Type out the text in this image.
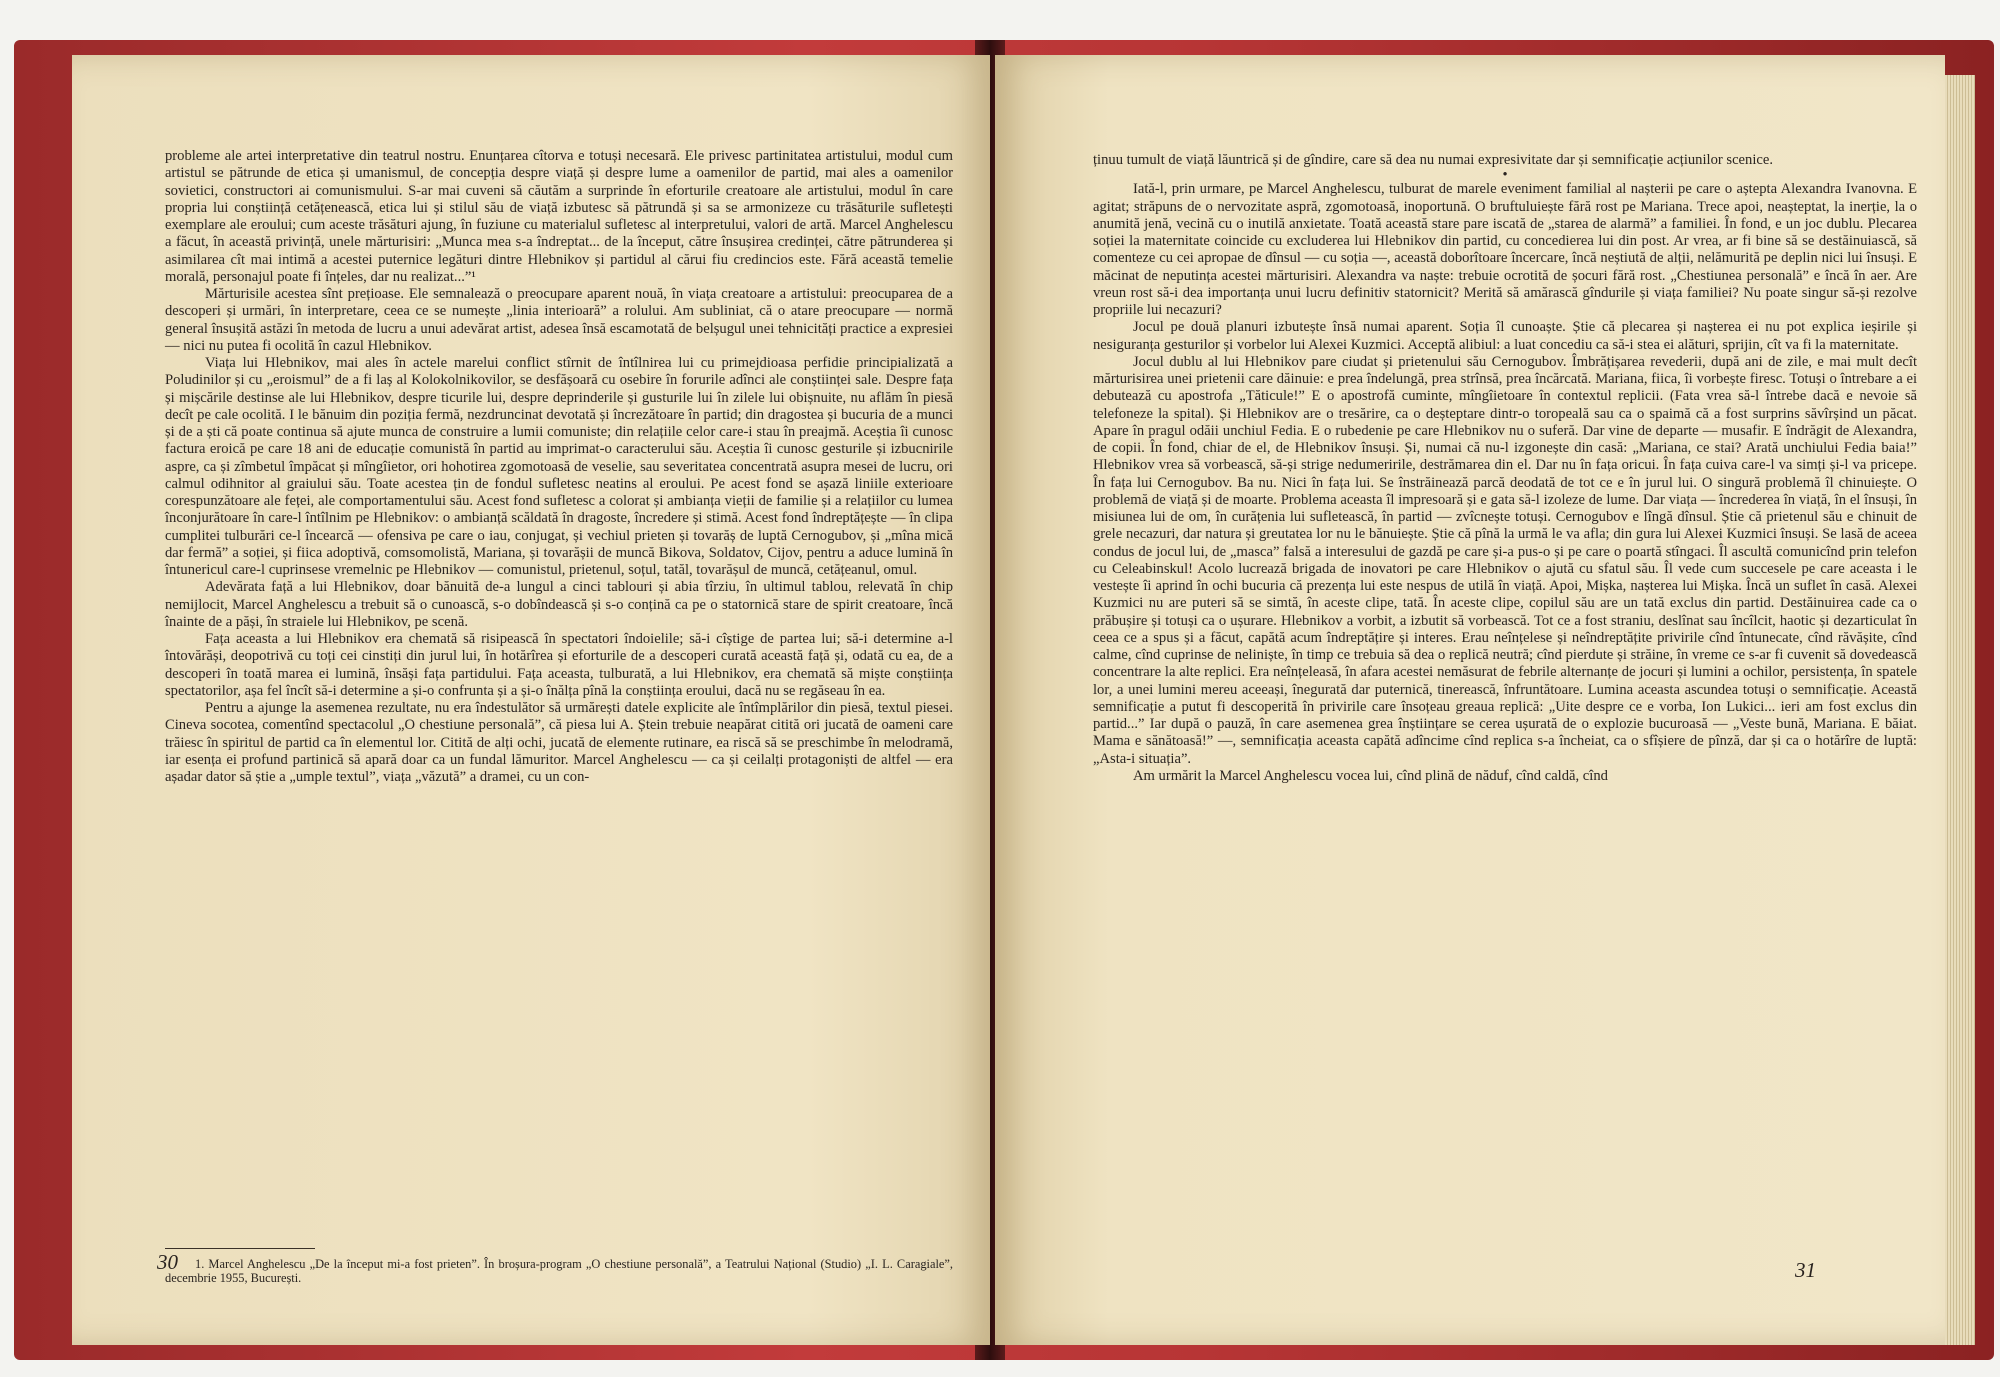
probleme ale artei interpretative din teatrul nostru. Enunțarea cîtorva e totuși necesară. Ele privesc partinitatea artistului, modul cum artistul se pătrunde de etica și umanismul, de concepția despre viață și despre lume a oamenilor de partid, mai ales a oamenilor sovietici, constructori ai comunismului. S-ar mai cuveni să căutăm a surprinde în eforturile creatoare ale artistului, modul în care propria lui conștiință cetățenească, etica lui și stilul său de viață izbutesc să pătrundă și sa se armonizeze cu trăsăturile sufletești exemplare ale eroului; cum aceste trăsături ajung, în fuziune cu materialul sufletesc al interpretului, valori de artă. Marcel Anghelescu a făcut, în această privință, unele mărturisiri: „Munca mea s-a îndreptat... de la început, către însușirea credinței, către pătrunderea și asimilarea cît mai intimă a acestei puternice legături dintre Hlebnikov și partidul al cărui fiu credincios este. Fără această temelie morală, personajul poate fi înțeles, dar nu realizat...”¹

Mărturisile acestea sînt prețioase. Ele semnalează o preocupare aparent nouă, în viața creatoare a artistului: preocuparea de a descoperi și urmări, în interpretare, ceea ce se numește „linia interioară” a rolului. Am subliniat, că o atare preocupare — normă general însușită astăzi în metoda de lucru a unui adevărat artist, adesea însă escamotată de belșugul unei tehnicități practice a expresiei — nici nu putea fi ocolită în cazul Hlebnikov.

Viața lui Hlebnikov, mai ales în actele marelui conflict stîrnit de întîlnirea lui cu primejdioasa perfidie principializată a Poludinilor și cu „eroismul” de a fi laș al Kolokolnikovilor, se desfășoară cu osebire în forurile adînci ale conștiinței sale. Despre fața și mișcările destinse ale lui Hlebnikov, despre ticurile lui, despre deprinderile și gusturile lui în zilele lui obișnuite, nu aflăm în piesă decît pe cale ocolită. I le bănuim din poziția fermă, nezdruncinat devotată și încrezătoare în partid; din dragostea și bucuria de a munci și de a ști că poate continua să ajute munca de construire a lumii comuniste; din relațiile celor care-i stau în preajmă. Aceștia îi cunosc factura eroică pe care 18 ani de educație comunistă în partid au imprimat-o caracterului său. Aceștia îi cunosc gesturile și izbucnirile aspre, ca și zîmbetul împăcat și mîngîietor, ori hohotirea zgomotoasă de veselie, sau severitatea concentrată asupra mesei de lucru, ori calmul odihnitor al graiului său. Toate acestea țin de fondul sufletesc neatins al eroului. Pe acest fond se așază liniile exterioare corespunzătoare ale feței, ale comportamentului său. Acest fond sufletesc a colorat și ambianța vieții de familie și a relațiilor cu lumea înconjurătoare în care-l întîlnim pe Hlebnikov: o ambianță scăldată în dragoste, încredere și stimă. Acest fond îndreptățește — în clipa cumplitei tulburări ce-l încearcă — ofensiva pe care o iau, conjugat, și vechiul prieten și tovarăș de luptă Cernogubov, și „mîna mică dar fermă” a soției, și fiica adoptivă, comsomolistă, Mariana, și tovarășii de muncă Bikova, Soldatov, Cijov, pentru a aduce lumină în întunericul care-l cuprinsese vremelnic pe Hlebnikov — comunistul, prietenul, soțul, tatăl, tovarășul de muncă, cetățeanul, omul.

Adevărata față a lui Hlebnikov, doar bănuită de-a lungul a cinci tablouri și abia tîrziu, în ultimul tablou, relevată în chip nemijlocit, Marcel Anghelescu a trebuit să o cunoască, s-o dobîndească și s-o conțină ca pe o statornică stare de spirit creatoare, încă înainte de a păși, în straiele lui Hlebnikov, pe scenă.

Fața aceasta a lui Hlebnikov era chemată să risipească în spectatori îndoielile; să-i cîștige de partea lui; să-i determine a-l întovărăși, deopotrivă cu toți cei cinstiți din jurul lui, în hotărîrea și eforturile de a descoperi curată această față și, odată cu ea, de a descoperi în toată marea ei lumină, însăși fața partidului. Fața aceasta, tulburată, a lui Hlebnikov, era chemată să miște conștiința spectatorilor, așa fel încît să-i determine a și-o confrunta și a și-o înălța pînă la conștiința eroului, dacă nu se regăseau în ea.

Pentru a ajunge la asemenea rezultate, nu era îndestulător să urmărești datele explicite ale întîmplărilor din piesă, textul piesei. Cineva socotea, comentînd spectacolul „O chestiune personală”, că piesa lui A. Ștein trebuie neapărat citită ori jucată de oameni care trăiesc în spiritul de partid ca în elementul lor. Citită de alți ochi, jucată de elemente rutinare, ea riscă să se preschimbe în melodramă, iar esența ei profund partinică să apară doar ca un fundal lămuritor. Marcel Anghelescu — ca și ceilalți protagoniști de altfel — era așadar dator să știe a „umple textul”, viața „văzută” a dramei, cu un con-

1. Marcel Anghelescu „De la început mi-a fost prieten”. În broșura-program „O chestiune personală”, a Teatrului Național (Studio) „I. L. Caragiale”, decembrie 1955, București.

30

ținuu tumult de viață lăuntrică și de gîndire, care să dea nu numai expresivitate dar și semnificație acțiunilor scenice.

•

Iată-l, prin urmare, pe Marcel Anghelescu, tulburat de marele eveniment familial al nașterii pe care o aștepta Alexandra Ivanovna. E agitat; străpuns de o nervozitate aspră, zgomotoasă, inoportună. O bruftuluiește fără rost pe Mariana. Trece apoi, neașteptat, la inerție, la o anumită jenă, vecină cu o inutilă anxietate. Toată această stare pare iscată de „starea de alarmă” a familiei. În fond, e un joc dublu. Plecarea soției la maternitate coincide cu excluderea lui Hlebnikov din partid, cu concedierea lui din post. Ar vrea, ar fi bine să se destăinuiască, să comenteze cu cei apropae de dînsul — cu soția —, această doborîtoare încercare, încă neștiută de alții, nelămurită pe deplin nici lui însuși. E măcinat de neputința acestei mărturisiri. Alexandra va naște: trebuie ocrotită de șocuri fără rost. „Chestiunea personală” e încă în aer. Are vreun rost să-i dea importanța unui lucru definitiv statornicit? Merită să amărască gîndurile și viața familiei? Nu poate singur să-și rezolve propriile lui necazuri?

Jocul pe două planuri izbutește însă numai aparent. Soția îl cunoaște. Știe că plecarea și nașterea ei nu pot explica ieșirile și nesiguranța gesturilor și vorbelor lui Alexei Kuzmici. Acceptă alibiul: a luat concediu ca să-i stea ei alături, sprijin, cît va fi la maternitate.

Jocul dublu al lui Hlebnikov pare ciudat și prietenului său Cernogubov. Îmbrățișarea revederii, după ani de zile, e mai mult decît mărturisirea unei prietenii care dăinuie: e prea îndelungă, prea strînsă, prea încărcată. Mariana, fiica, îi vorbește firesc. Totuși o întrebare a ei debutează cu apostrofa „Tăticule!” E o apostrofă cuminte, mîngîietoare în contextul replicii. (Fata vrea să-l întrebe dacă e nevoie să telefoneze la spital). Și Hlebnikov are o tresărire, ca o deșteptare dintr-o toropeală sau ca o spaimă că a fost surprins săvîrșind un păcat. Apare în pragul odăii unchiul Fedia. E o rubedenie pe care Hlebnikov nu o suferă. Dar vine de departe — musafir. E îndrăgit de Alexandra, de copii. În fond, chiar de el, de Hlebnikov însuși. Și, numai că nu-l izgonește din casă: „Mariana, ce stai? Arată unchiului Fedia baia!” Hlebnikov vrea să vorbească, să-și strige nedumeririle, destrămarea din el. Dar nu în fața oricui. În fața cuiva care-l va simți și-l va pricepe. În fața lui Cernogubov. Ba nu. Nici în fața lui. Se înstrăinează parcă deodată de tot ce e în jurul lui. O singură problemă îl chinuiește. O problemă de viață și de moarte. Problema aceasta îl impresoară și e gata să-l izoleze de lume. Dar viața — încrederea în viață, în el însuși, în misiunea lui de om, în curățenia lui sufletească, în partid — zvîcnește totuși. Cernogubov e lîngă dînsul. Știe că prietenul său e chinuit de grele necazuri, dar natura și greutatea lor nu le bănuiește. Știe că pînă la urmă le va afla; din gura lui Alexei Kuzmici însuși. Se lasă de aceea condus de jocul lui, de „masca” falsă a interesului de gazdă pe care și-a pus-o și pe care o poartă stîngaci. Îl ascultă comunicînd prin telefon cu Celeabinskul! Acolo lucrează brigada de inovatori pe care Hlebnikov o ajută cu sfatul său. Îl vede cum succesele pe care aceasta i le vestește îi aprind în ochi bucuria că prezența lui este nespus de utilă în viață. Apoi, Mișka, nașterea lui Mișka. Încă un suflet în casă. Alexei Kuzmici nu are puteri să se simtă, în aceste clipe, tată. În aceste clipe, copilul său are un tată exclus din partid. Destăinuirea cade ca o prăbușire și totuși ca o ușurare. Hlebnikov a vorbit, a izbutit să vorbească. Tot ce a fost straniu, deslînat sau încîlcit, haotic și dezarticulat în ceea ce a spus și a făcut, capătă acum îndreptățire și interes. Erau neînțelese și neîndreptățite privirile cînd întunecate, cînd răvășite, cînd calme, cînd cuprinse de neliniște, în timp ce trebuia să dea o replică neutră; cînd pierdute și străine, în vreme ce s-ar fi cuvenit să dovedească concentrare la alte replici. Era neînțeleasă, în afara acestei nemăsurat de febrile alternanțe de jocuri și lumini a ochilor, persistența, în spatele lor, a unei lumini mereu aceeași, înegurată dar puternică, tinerească, înfruntătoare. Lumina aceasta ascundea totuși o semnificație. Această semnificație a putut fi descoperită în privirile care însoțeau greaua replică: „Uite despre ce e vorba, Ion Lukici... ieri am fost exclus din partid...” Iar după o pauză, în care asemenea grea înștiințare se cerea ușurată de o explozie bucuroasă — „Veste bună, Mariana. E băiat. Mama e sănătoasă!” —, semnificația aceasta capătă adîncime cînd replica s-a încheiat, ca o sfîșiere de pînză, dar și ca o hotărîre de luptă: „Asta-i situația”.

Am urmărit la Marcel Anghelescu vocea lui, cînd plină de năduf, cînd caldă, cînd

31
